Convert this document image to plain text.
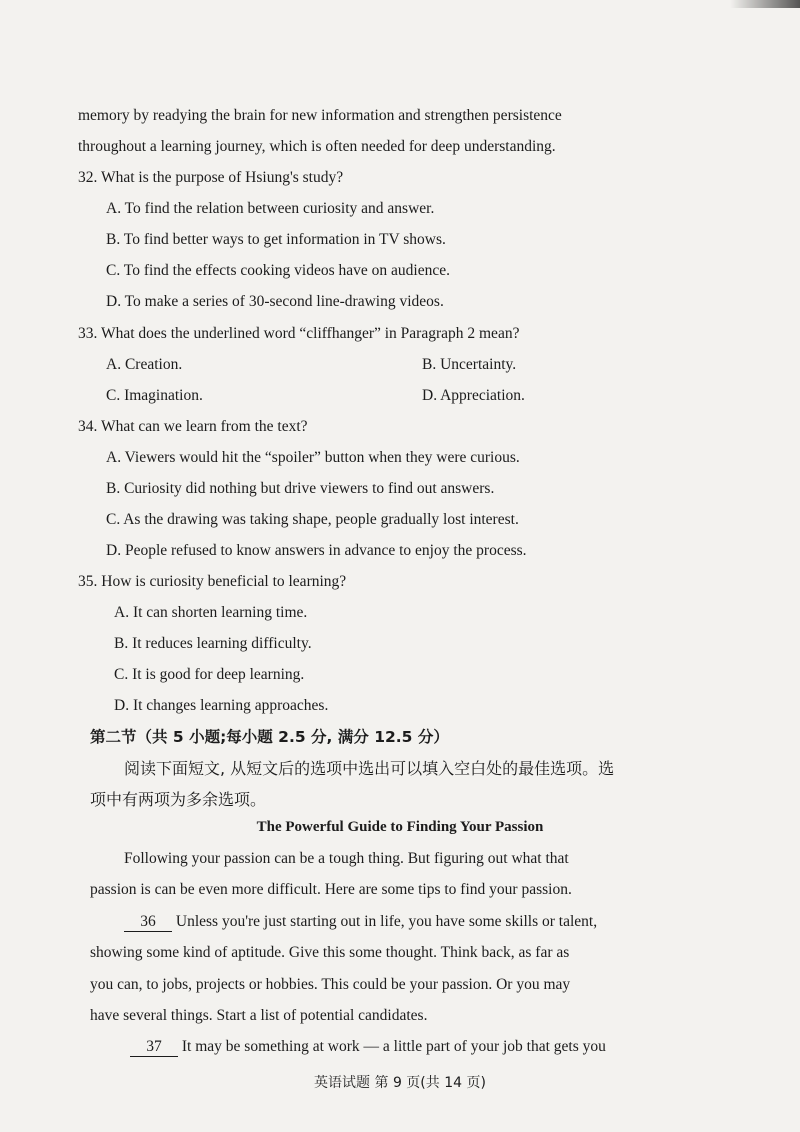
memory by readying the brain for new information and strengthen persistence
throughout a learning journey, which is often needed for deep understanding.
32. What is the purpose of Hsiung's study?
A. To find the relation between curiosity and answer.
B. To find better ways to get information in TV shows.
C. To find the effects cooking videos have on audience.
D. To make a series of 30-second line-drawing videos.
33. What does the underlined word “cliffhanger” in Paragraph 2 mean?
A. Creation.	B. Uncertainty.
C. Imagination.	D. Appreciation.
34. What can we learn from the text?
A. Viewers would hit the “spoiler” button when they were curious.
B. Curiosity did nothing but drive viewers to find out answers.
C. As the drawing was taking shape, people gradually lost interest.
D. People refused to know answers in advance to enjoy the process.
35. How is curiosity beneficial to learning?
A. It can shorten learning time.
B. It reduces learning difficulty.
C. It is good for deep learning.
D. It changes learning approaches.
第二节（共 5 小题;每小题 2.5 分, 满分 12.5 分）
阅读下面短文, 从短文后的选项中选出可以填入空白处的最佳选项。选
项中有两项为多余选项。
The Powerful Guide to Finding Your Passion
Following your passion can be a tough thing. But figuring out what that
passion is can be even more difficult. Here are some tips to find your passion.
36 Unless you're just starting out in life, you have some skills or talent,
showing some kind of aptitude. Give this some thought. Think back, as far as
you can, to jobs, projects or hobbies. This could be your passion. Or you may
have several things. Start a list of potential candidates.
37 It may be something at work — a little part of your job that gets you
英语试题 第 9 页(共 14 页)
